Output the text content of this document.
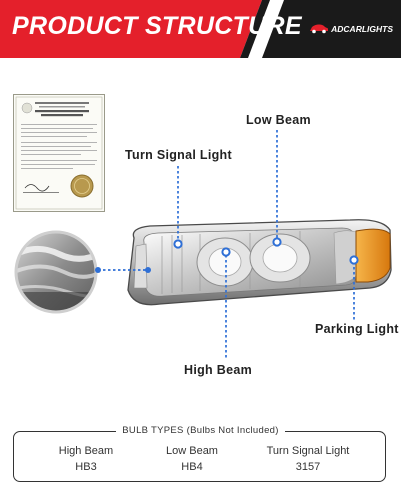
PRODUCT STRUCTURE	ADCARLIGHTS
Low Beam
Turn Signal Light
Parking Light
High Beam
BULB TYPES (Bulbs Not Included)
High Beam
HB3
Low Beam
HB4
Turn Signal Light
3157
